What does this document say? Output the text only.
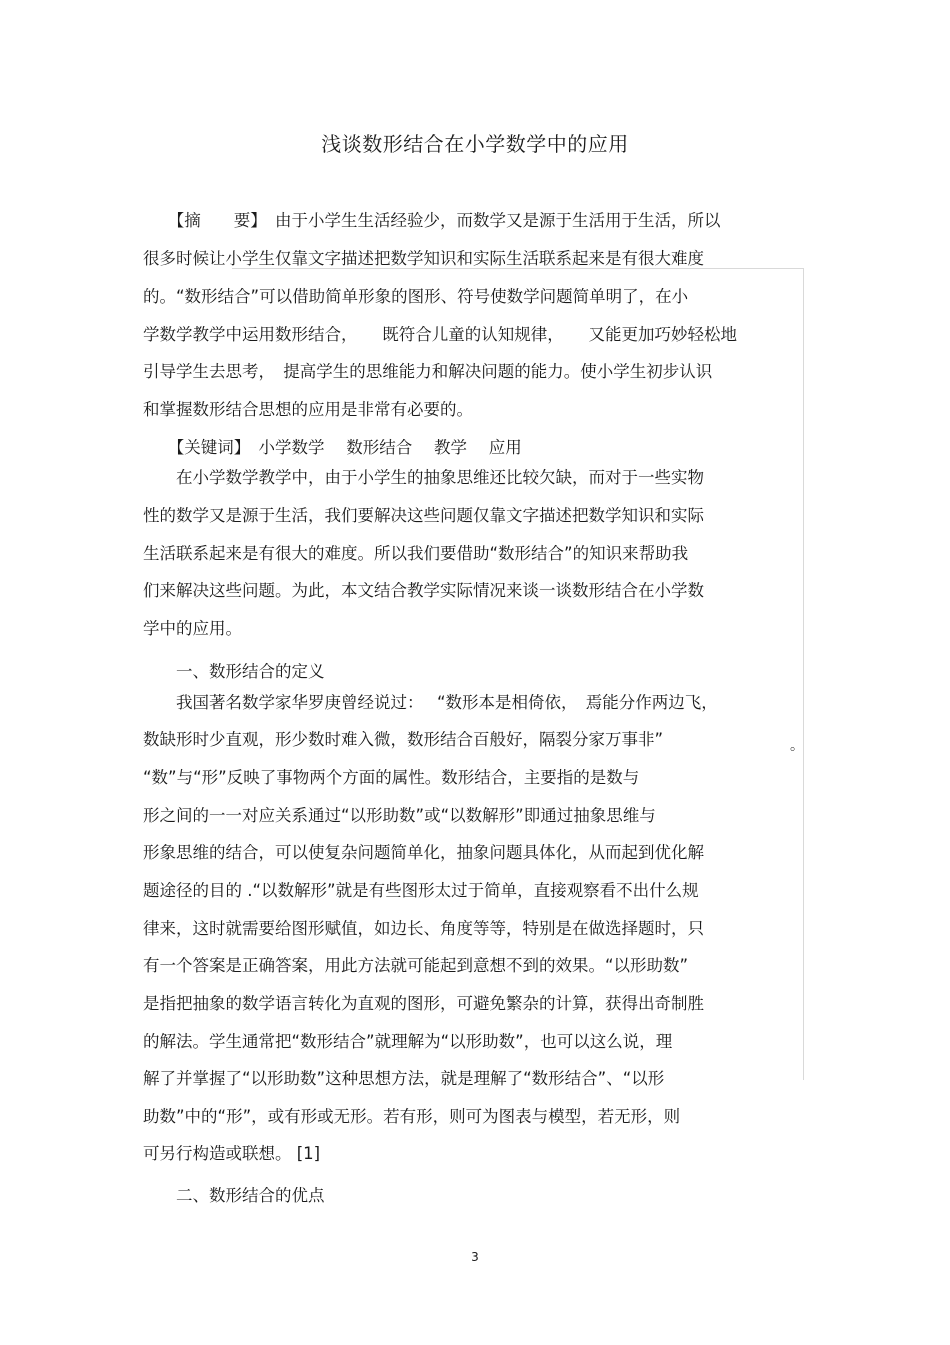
浅谈数形结合在小学数学中的应用
　　【摘　　要】　由于小学生生活经验少，而数学又是源于生活用于生活，所以
很多时候让小学生仅靠文字描述把数学知识和实际生活联系起来是有很大难度
的。“数形结合”可以借助简单形象的图形、符号使数学问题简单明了，在小
学数学教学中运用数形结合，　　既符合儿童的认知规律，　　又能更加巧妙轻松地
引导学生去思考，　提高学生的思维能力和解决问题的能力。使小学生初步认识
和掌握数形结合思想的应用是非常有必要的。
　　【关键词】　小学数学　 数形结合　 教学　 应用
　　在小学数学教学中，由于小学生的抽象思维还比较欠缺，而对于一些实物
性的数学又是源于生活，我们要解决这些问题仅靠文字描述把数学知识和实际
生活联系起来是有很大的难度。所以我们要借助“数形结合”的知识来帮助我
们来解决这些问题。为此，本文结合教学实际情况来谈一谈数形结合在小学数
学中的应用。
　　一、数形结合的定义
　　我国著名数学家华罗庚曾经说过：　 “数形本是相倚依，　焉能分作两边飞，
数缺形时少直观，形少数时难入微，数形结合百般好，隔裂分家万事非”
“数”与“形”反映了事物两个方面的属性。数形结合，主要指的是数与
形之间的一一对应关系通过“以形助数”或“以数解形”即通过抽象思维与
形象思维的结合，可以使复杂问题简单化，抽象问题具体化，从而起到优化解
题途径的目的 .“以数解形”就是有些图形太过于简单，直接观察看不出什么规
律来，这时就需要给图形赋值，如边长、角度等等，特别是在做选择题时，只
有一个答案是正确答案，用此方法就可能起到意想不到的效果。“以形助数”
是指把抽象的数学语言转化为直观的图形，可避免繁杂的计算，获得出奇制胜
的解法。学生通常把“数形结合”就理解为“以形助数”，也可以这么说，理
解了并掌握了“以形助数”这种思想方法，就是理解了“数形结合”、“以形
助数”中的“形”，或有形或无形。若有形，则可为图表与模型，若无形，则
可另行构造或联想。 [1]
　　二、数形结合的优点
。
3
